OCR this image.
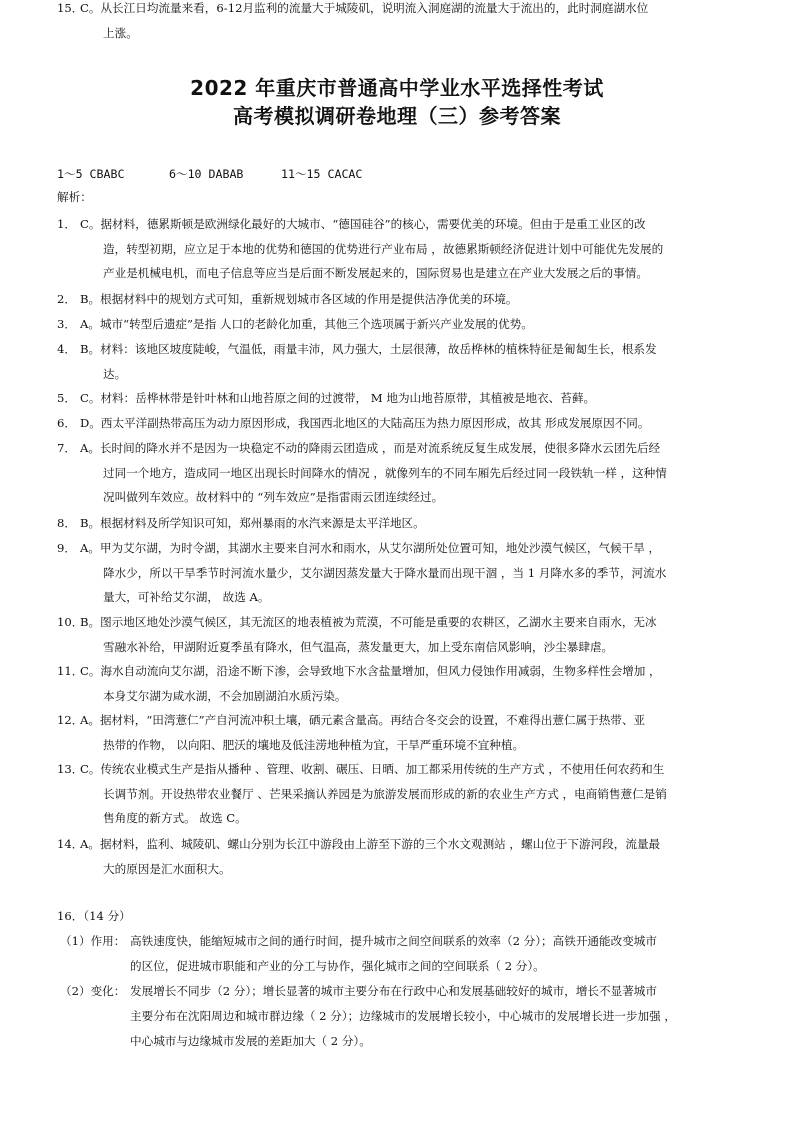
2022 年重庆市普通高中学业水平选择性考试
高考模拟调研卷地理（三）参考答案
1～5 CBABC	6～10 DABAB	11～15 CACAC
解析：
1． C。据材料，德累斯顿是欧洲绿化最好的大城市、“德国硅谷”的核心，需要优美的环境。但由于是重工业区的改
造，转型初期，应立足于本地的优势和德国的优势进行产业布局 ，故德累斯顿经济促进计划中可能优先发展的
产业是机械电机，而电子信息等应当是后面不断发展起来的，国际贸易也是建立在产业大发展之后的事情。
2． B。根据材料中的规划方式可知，重新规划城市各区域的作用是提供洁净优美的环境。
3． A。城市“转型后遗症”是指 人口的老龄化加重，其他三个选项属于新兴产业发展的优势。
4． B。材料：该地区坡度陡峻，气温低，雨量丰沛，风力强大，土层很薄，故岳桦林的植株特征是匍匐生长，根系发
达。
5． C。材料：岳桦林带是针叶林和山地苔原之间的过渡带， M 地为山地苔原带，其植被是地衣、苔藓。
6． D。西太平洋副热带高压为动力原因形成，我国西北地区的大陆高压为热力原因形成，故其 形成发展原因不同。
7． A。长时间的降水并不是因为一块稳定不动的降雨云团造成 ，而是对流系统反复生成发展，使很多降水云团先后经
过同一个地方，造成同一地区出现长时间降水的情况 ，就像列车的不同车厢先后经过同一段铁轨一样 ，这种情
况叫做列车效应。故材料中的 “列车效应”是指雷雨云团连续经过。
8． B。根据材料及所学知识可知，郑州暴雨的水汽来源是太平洋地区。
9． A。甲为艾尔湖，为时令湖，其湖水主要来自河水和雨水，从艾尔湖所处位置可知，地处沙漠气候区，气候干旱 ，
降水少，所以干旱季节时河流水量少，艾尔湖因蒸发量大于降水量而出现干涸 ，当 1 月降水多的季节，河流水
量大，可补给艾尔湖， 故选 A。
10．
B。图示地区地处沙漠气候区，其无流区的地表植被为荒漠，不可能是重要的农耕区，乙湖水主要来自雨水，无冰
雪融水补给，甲湖附近夏季虽有降水，但气温高，蒸发量更大，加上受东南信风影响，沙尘暴肆虐。
11．
C。海水自动流向艾尔湖，沿途不断下渗，会导致地下水含盐量增加，但风力侵蚀作用减弱，生物多样性会增加 ，
本身艾尔湖为咸水湖，不会加剧湖泊水质污染。
12．
A。据材料，“田湾薏仁”产自河流冲积土壤，硒元素含量高。再结合冬交会的设置，不难得出薏仁属于热带、亚
热带的作物， 以向阳、肥沃的壤地及低洼涝地种植为宜，干旱严重环境不宜种植。
13．
C。传统农业模式生产是指从播种 、管理、收割、碾压、日晒、加工都采用传统的生产方式 ，不使用任何农药和生
长调节剂。开设热带农业餐厅 、芒果采摘认养园是为旅游发展而形成的新的农业生产方式 ，电商销售薏仁是销
售角度的新方式。 故选 C。
14．
A。据材料，监利、城陵矶、螺山分别为长江中游段由上游至下游的三个水文观测站 ，螺山位于下游河段，流量最
大的原因是汇水面积大。
15．
C。从长江日均流量来看，6-12月监利的流量大于城陵矶，说明流入洞庭湖的流量大于流出的，此时洞庭湖水位
上涨。
16．（14 分）
（1）作用： 高铁速度快，能缩短城市之间的通行时间，提升城市之间空间联系的效率（2 分）；高铁开通能改变城市
的区位，促进城市职能和产业的分工与协作，强化城市之间的空间联系（ 2 分）。
（2）变化： 发展增长不同步（2 分）；增长显著的城市主要分布在行政中心和发展基础较好的城市，增长不显著城市
主要分布在沈阳周边和城市群边缘（ 2 分）；边缘城市的发展增长较小，中心城市的发展增长进一步加强 ，
中心城市与边缘城市发展的差距加大（ 2 分）。
